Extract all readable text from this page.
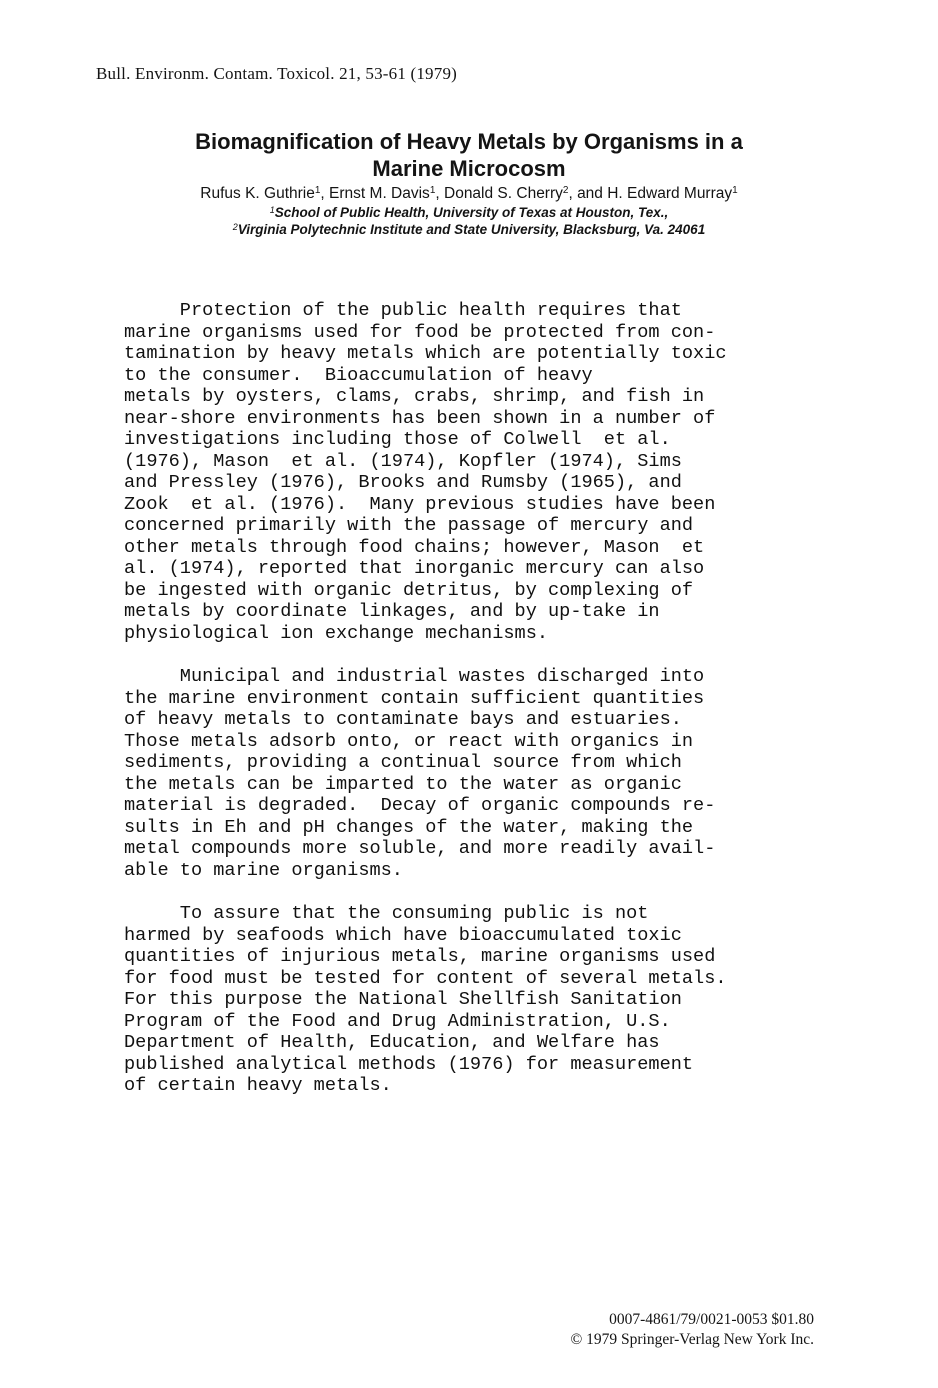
Bull. Environm. Contam. Toxicol. 21, 53-61 (1979)
Biomagnification of Heavy Metals by Organisms in a
Marine Microcosm
Rufus K. Guthrie$^1$, Ernst M. Davis$^1$, Donald S. Cherry$^2$, and H. Edward Murray$^1$
$^1$School of Public Health, University of Texas at Houston, Tex.,
$^2$Virginia Polytechnic Institute and State University, Blacksburg, Va. 24061

Protection of the public health requires that
marine organisms used for food be protected from con-
tamination by heavy metals which are potentially toxic
to the consumer.  Bioaccumulation of heavy
metals by oysters, clams, crabs, shrimp, and fish in
near-shore environments has been shown in a number of
investigations including those of Colwell  et al.
(1976), Mason  et al. (1974), Kopfler (1974), Sims
and Pressley (1976), Brooks and Rumsby (1965), and
Zook  et al. (1976).  Many previous studies have been
concerned primarily with the passage of mercury and
other metals through food chains; however, Mason  et
al. (1974), reported that inorganic mercury can also
be ingested with organic detritus, by complexing of
metals by coordinate linkages, and by up-take in
physiological ion exchange mechanisms.

Municipal and industrial wastes discharged into
the marine environment contain sufficient quantities
of heavy metals to contaminate bays and estuaries.
Those metals adsorb onto, or react with organics in
sediments, providing a continual source from which
the metals can be imparted to the water as organic
material is degraded.  Decay of organic compounds re-
sults in Eh and pH changes of the water, making the
metal compounds more soluble, and more readily avail-
able to marine organisms.

To assure that the consuming public is not
harmed by seafoods which have bioaccumulated toxic
quantities of injurious metals, marine organisms used
for food must be tested for content of several metals.
For this purpose the National Shellfish Sanitation
Program of the Food and Drug Administration, U.S.
Department of Health, Education, and Welfare has
published analytical methods (1976) for measurement
of certain heavy metals.

0007-4861/79/0021-0053 $01.80
© 1979 Springer-Verlag New York Inc.
